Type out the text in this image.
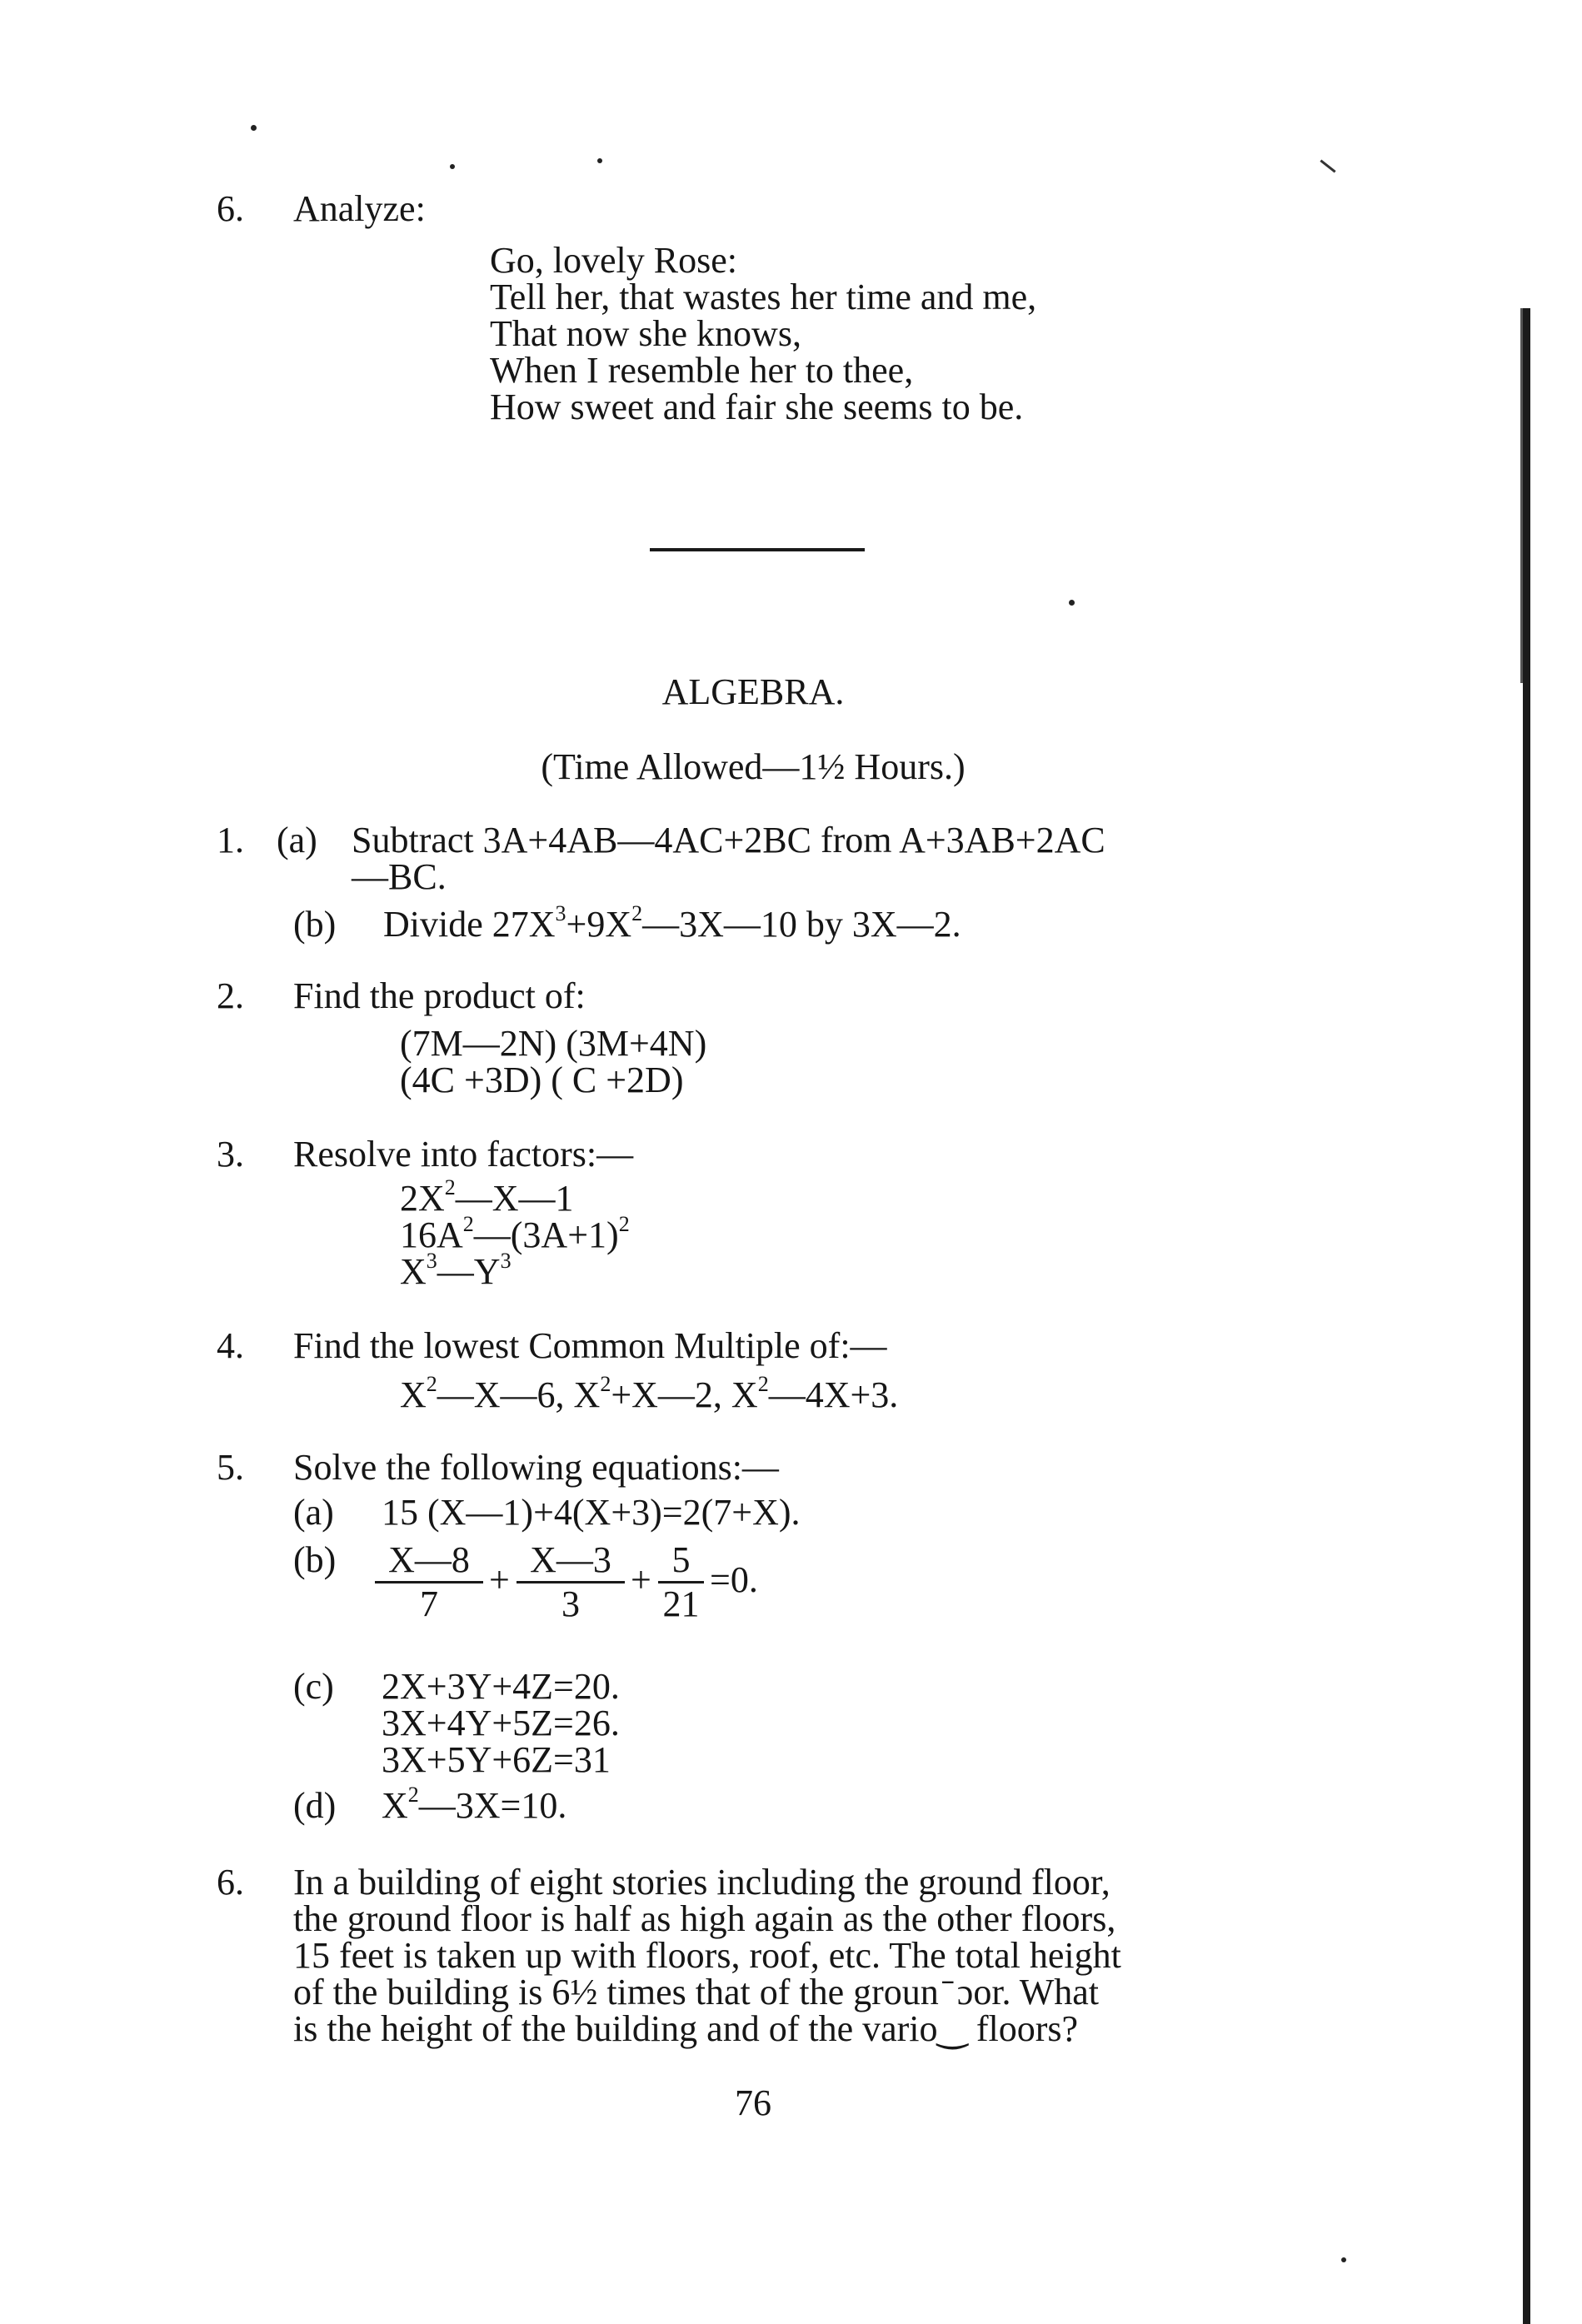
6.	Analyze:
Go, lovely Rose:
Tell her, that wastes her time and me,
That now she knows,
When I resemble her to thee,
How sweet and fair she seems to be.
ALGEBRA.
(Time Allowed—1½ Hours.)
1. (a) Subtract 3A+4AB—4AC+2BC from A+3AB+2AC
—BC.
(b) Divide $27X^3+9X^2—3X—10$ by 3X—2.
2.	Find the product of:
(7M—2N) (3M+4N)
(4C +3D) ( C +2D)
3.	Resolve into factors:—
$2X^2—X—1$
$16A^2—(3A+1)^2$
$X^3—Y^3$
4.	Find the lowest Common Multiple of:—
$X^2—X—6$, $X^2+X—2$, $X^2—4X+3$.
5.	Solve the following equations:—
(a) 15 (X—1)+4(X+3)=2(7+X).
(b)	X—8
7
+ X—3
3
+ 5
21
=0.
(c) 2X+3Y+4Z=20.
3X+4Y+5Z=26.
3X+5Y+6Z=31
(d) $X^2—3X=10$.
6.	In a building of eight stories including the ground floor,
the ground floor is half as high again as the other floors,
15 feet is taken up with floors, roof, etc. The total height
of the building is 6½ times that of the groun ̄ ɔor. What
is the height of the building and of the vario‿ floors?
76
